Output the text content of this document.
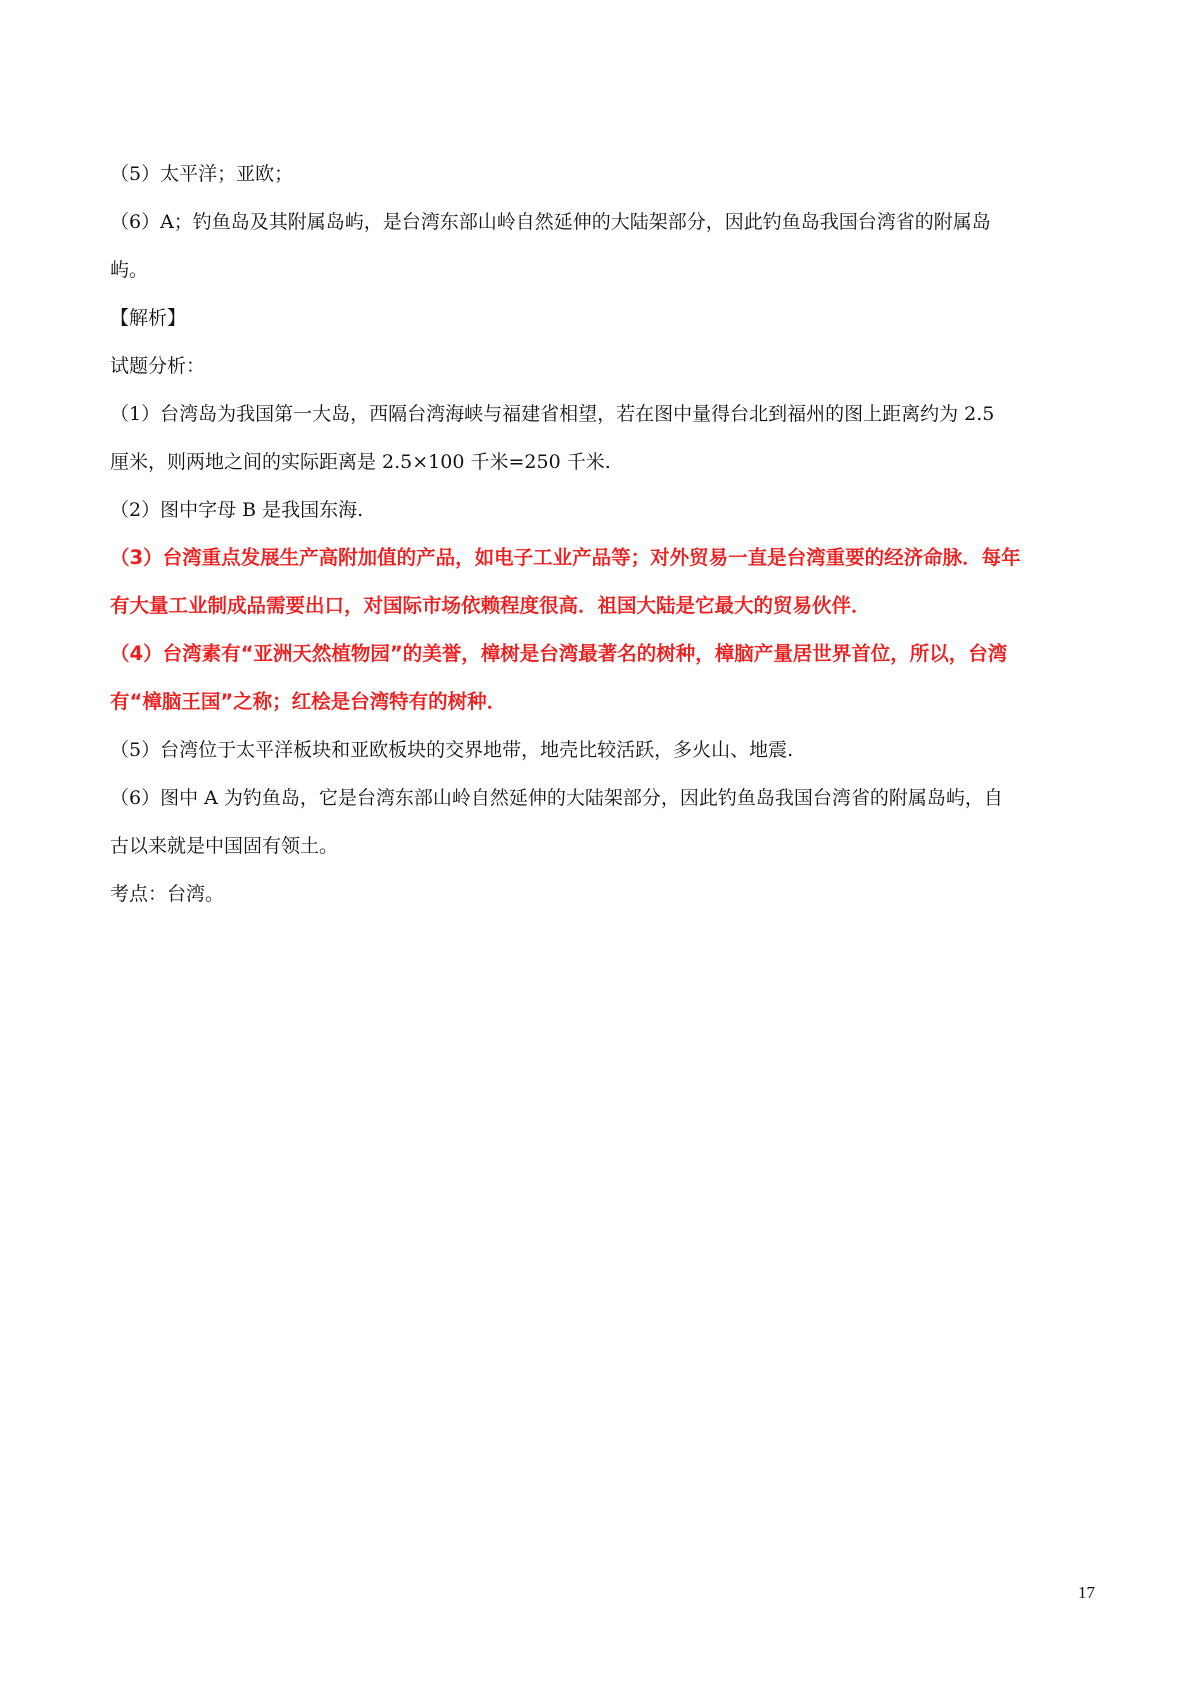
（5）太平洋；亚欧；
（6）A；钓鱼岛及其附属岛屿，是台湾东部山岭自然延伸的大陆架部分，因此钓鱼岛我国台湾省的附属岛
屿。
【解析】
试题分析：
（1）台湾岛为我国第一大岛，西隔台湾海峡与福建省相望，若在图中量得台北到福州的图上距离约为 2.5
厘米，则两地之间的实际距离是 2.5×100 千米=250 千米.
（2）图中字母 B 是我国东海.
（3）台湾重点发展生产高附加值的产品，如电子工业产品等；对外贸易一直是台湾重要的经济命脉．每年
有大量工业制成品需要出口，对国际市场依赖程度很高．祖国大陆是它最大的贸易伙伴．
（4）台湾素有“亚洲天然植物园”的美誉，樟树是台湾最著名的树种，樟脑产量居世界首位，所以，台湾
有“樟脑王国”之称；红桧是台湾特有的树种．
（5）台湾位于太平洋板块和亚欧板块的交界地带，地壳比较活跃，多火山、地震.
（6）图中 A 为钓鱼岛，它是台湾东部山岭自然延伸的大陆架部分，因此钓鱼岛我国台湾省的附属岛屿，自
古以来就是中国固有领土。
考点：台湾。
17
